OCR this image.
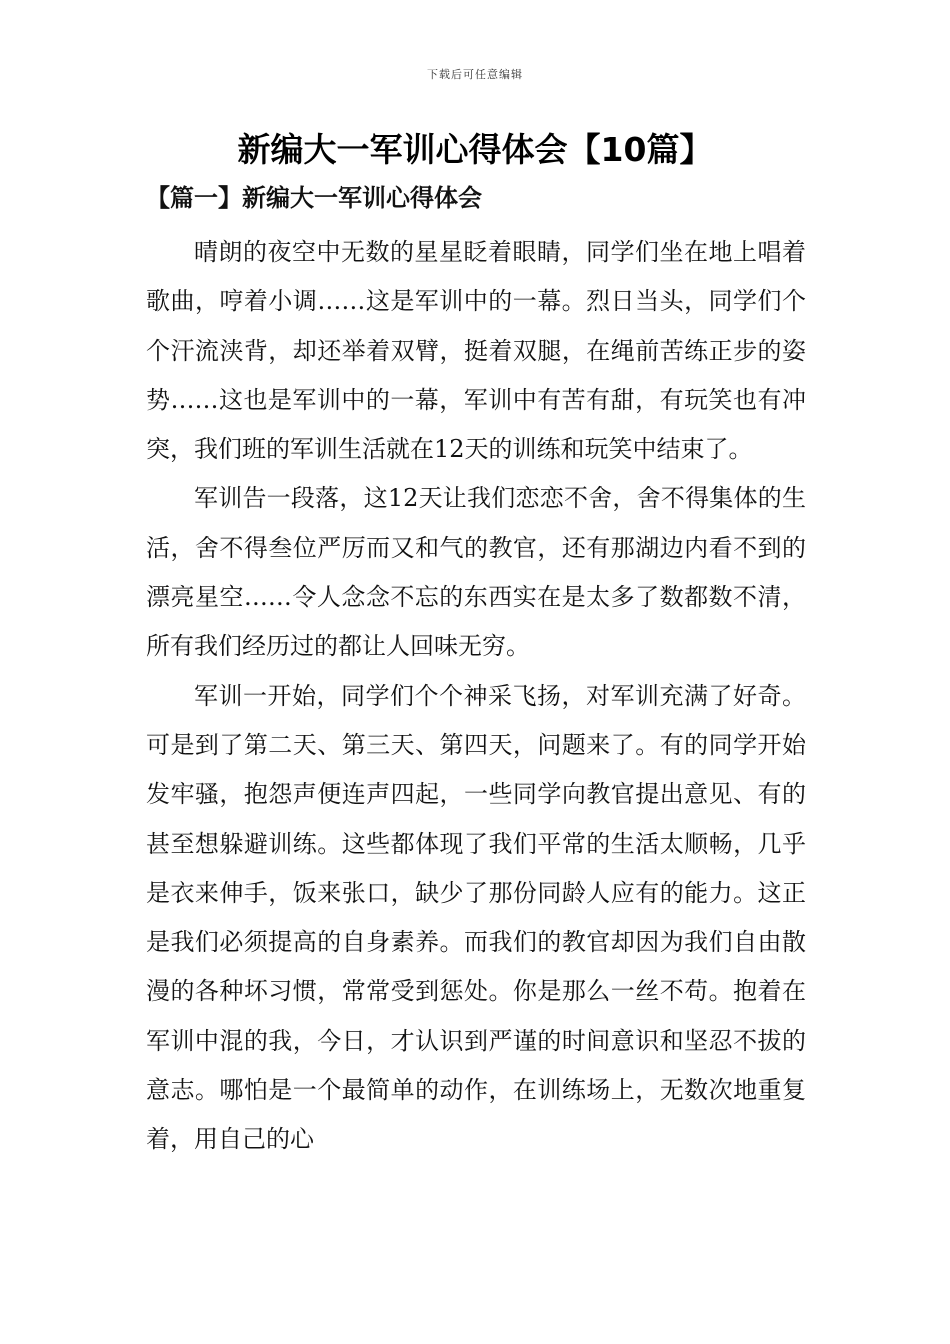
下载后可任意编辑
新编大一军训心得体会【10篇】
【篇一】新编大一军训心得体会

晴朗的夜空中无数的星星眨着眼睛，同学们坐在地上唱着歌曲，哼着小调……这是军训中的一幕。烈日当头，同学们个个汗流浃背，却还举着双臂，挺着双腿，在绳前苦练正步的姿势……这也是军训中的一幕，军训中有苦有甜，有玩笑也有冲突，我们班的军训生活就在12天的训练和玩笑中结束了。

军训告一段落，这12天让我们恋恋不舍，舍不得集体的生活，舍不得叁位严厉而又和气的教官，还有那湖边内看不到的漂亮星空……令人念念不忘的东西实在是太多了数都数不清，所有我们经历过的都让人回味无穷。

军训一开始，同学们个个神采飞扬，对军训充满了好奇。可是到了第二天、第三天、第四天，问题来了。有的同学开始发牢骚，抱怨声便连声四起，一些同学向教官提出意见、有的甚至想躲避训练。这些都体现了我们平常的生活太顺畅，几乎是衣来伸手，饭来张口，缺少了那份同龄人应有的能力。这正是我们必须提高的自身素养。而我们的教官却因为我们自由散漫的各种坏习惯，常常受到惩处。你是那么一丝不苟。抱着在军训中混的我，今日，才认识到严谨的时间意识和坚忍不拔的意志。哪怕是一个最简单的动作，在训练场上，无数次地重复着，用自己的心
